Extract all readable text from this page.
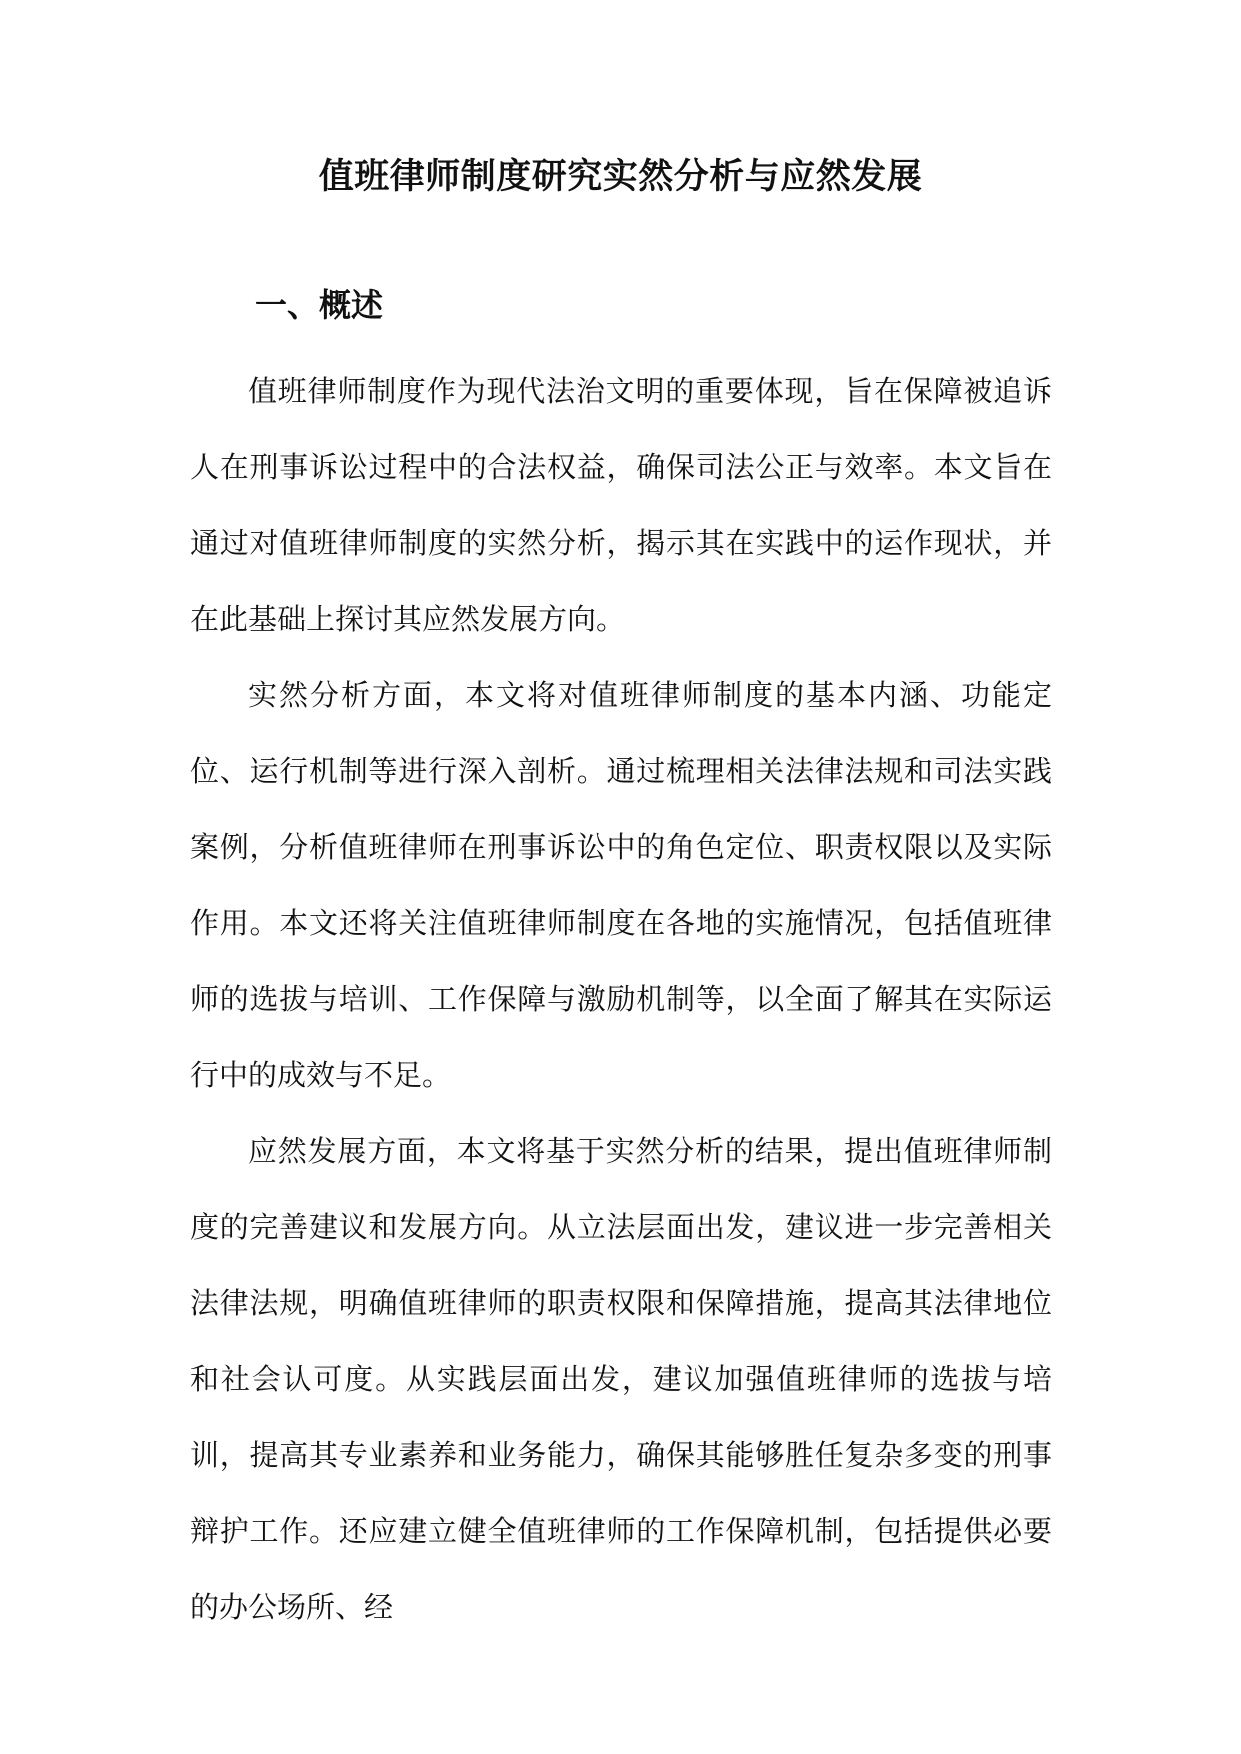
值班律师制度研究实然分析与应然发展
一、概述

值班律师制度作为现代法治文明的重要体现，旨在保障被追诉人在刑事诉讼过程中的合法权益，确保司法公正与效率。本文旨在通过对值班律师制度的实然分析，揭示其在实践中的运作现状，并在此基础上探讨其应然发展方向。

实然分析方面，本文将对值班律师制度的基本内涵、功能定位、运行机制等进行深入剖析。通过梳理相关法律法规和司法实践案例，分析值班律师在刑事诉讼中的角色定位、职责权限以及实际作用。本文还将关注值班律师制度在各地的实施情况，包括值班律师的选拔与培训、工作保障与激励机制等，以全面了解其在实际运行中的成效与不足。

应然发展方面，本文将基于实然分析的结果，提出值班律师制度的完善建议和发展方向。从立法层面出发，建议进一步完善相关法律法规，明确值班律师的职责权限和保障措施，提高其法律地位和社会认可度。从实践层面出发，建议加强值班律师的选拔与培训，提高其专业素养和业务能力，确保其能够胜任复杂多变的刑事辩护工作。还应建立健全值班律师的工作保障机制，包括提供必要的办公场所、经
